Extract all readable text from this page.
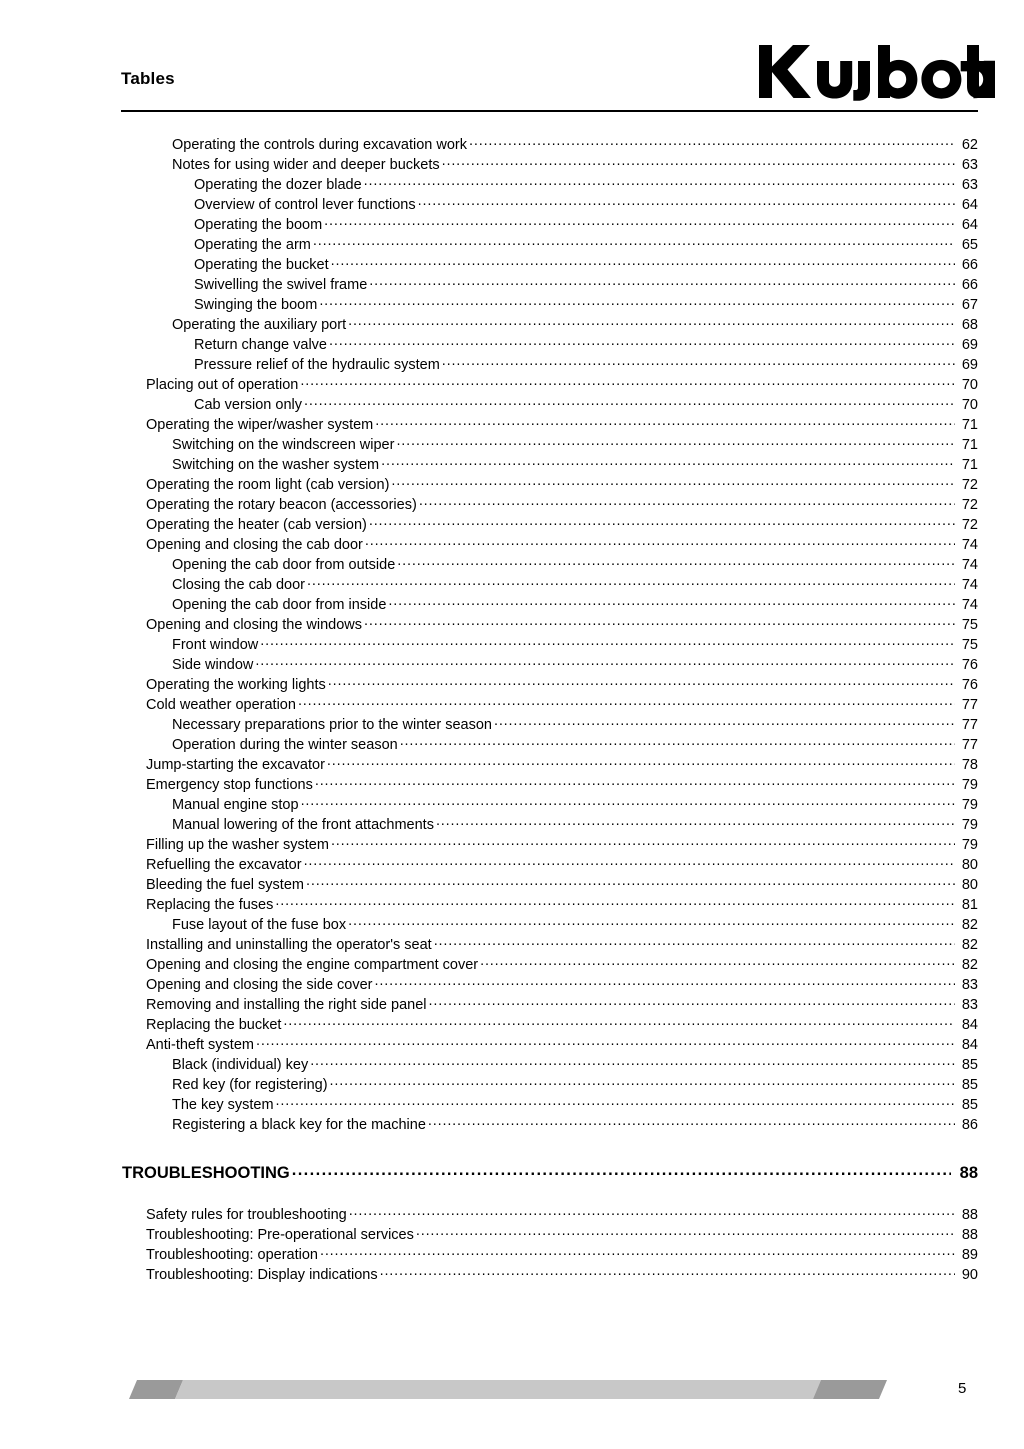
Tables
Operating the controls during excavation work . . .	62
Notes for using wider and deeper buckets . . .	63
Operating the dozer blade . . .	63
Overview of control lever functions . . .	64
Operating the boom . . .	64
Operating the arm . . .	65
Operating the bucket . . .	66
Swivelling the swivel frame . . .	66
Swinging the boom . . .	67
Operating the auxiliary port . . .	68
Return change valve . . .	69
Pressure relief of the hydraulic system . . .	69
Placing out of operation . . .	70
Cab version only . . .	70
Operating the wiper/washer system . . .	71
Switching on the windscreen wiper . . .	71
Switching on the washer system . . .	71
Operating the room light (cab version) . . .	72
Operating the rotary beacon (accessories) . . .	72
Operating the heater (cab version) . . .	72
Opening and closing the cab door . . .	74
Opening the cab door from outside . . .	74
Closing the cab door . . .	74
Opening the cab door from inside . . .	74
Opening and closing the windows . . .	75
Front window . . .	75
Side window . . .	76
Operating the working lights . . .	76
Cold weather operation . . .	77
Necessary preparations prior to the winter season . . .	77
Operation during the winter season . . .	77
Jump-starting the excavator . . .	78
Emergency stop functions . . .	79
Manual engine stop . . .	79
Manual lowering of the front attachments . . .	79
Filling up the washer system . . .	79
Refuelling the excavator . . .	80
Bleeding the fuel system . . .	80
Replacing the fuses . . .	81
Fuse layout of the fuse box . . .	82
Installing and uninstalling the operator's seat . . .	82
Opening and closing the engine compartment cover . . .	82
Opening and closing the side cover . . .	83
Removing and installing the right side panel . . .	83
Replacing the bucket . . .	84
Anti-theft system . . .	84
Black (individual) key . . .	85
Red key (for registering) . . .	85
The key system . . .	85
Registering a black key for the machine . . .	86
TROUBLESHOOTING . . .	88
Safety rules for troubleshooting . . .	88
Troubleshooting: Pre-operational services . . .	88
Troubleshooting: operation . . .	89
Troubleshooting: Display indications . . .	90
5
